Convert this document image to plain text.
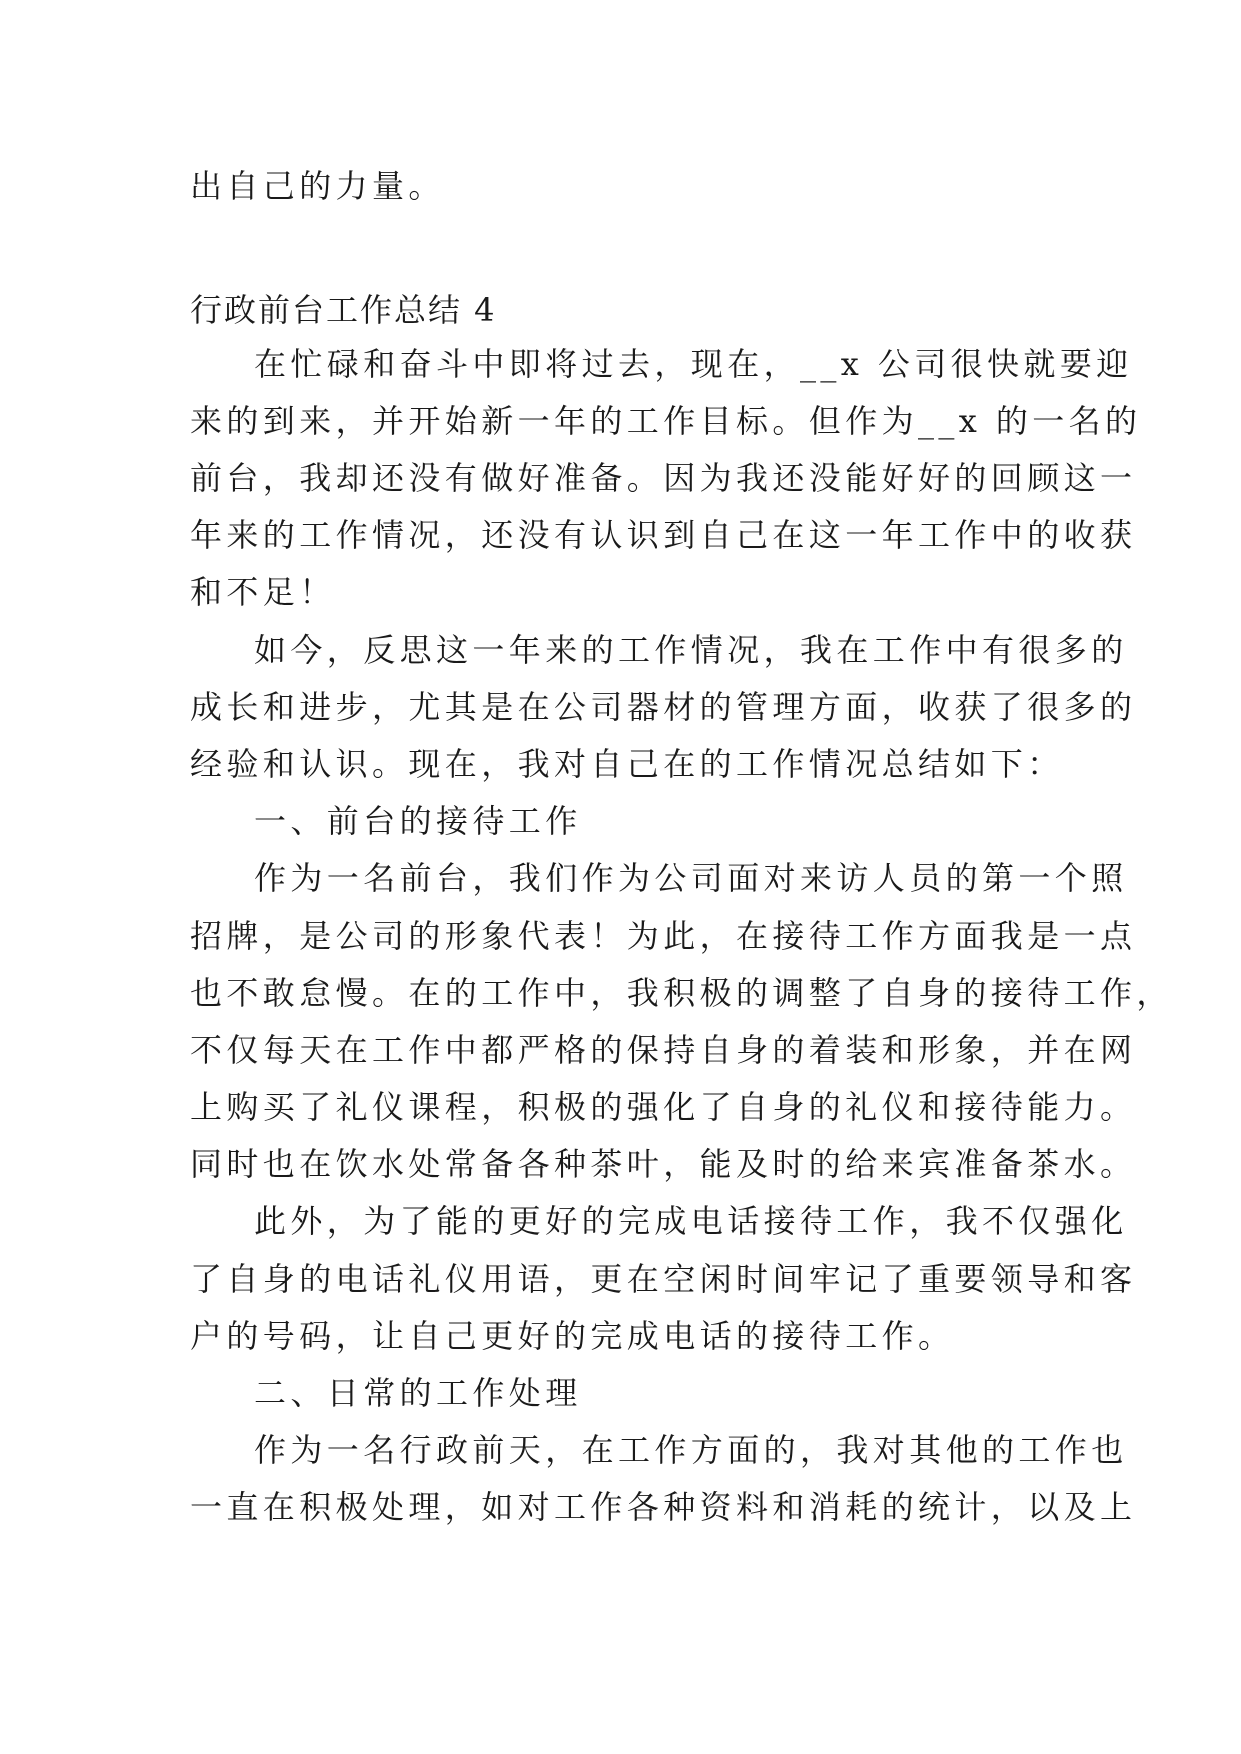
出自己的力量。
行政前台工作总结 4
在忙碌和奋斗中即将过去，现在，__x 公司很快就要迎
来的到来，并开始新一年的工作目标。但作为__x 的一名的
前台，我却还没有做好准备。因为我还没能好好的回顾这一
年来的工作情况，还没有认识到自己在这一年工作中的收获
和不足！
如今，反思这一年来的工作情况，我在工作中有很多的
成长和进步，尤其是在公司器材的管理方面，收获了很多的
经验和认识。现在，我对自己在的工作情况总结如下：
一、前台的接待工作
作为一名前台，我们作为公司面对来访人员的第一个照
招牌，是公司的形象代表！为此，在接待工作方面我是一点
也不敢怠慢。在的工作中，我积极的调整了自身的接待工作，
不仅每天在工作中都严格的保持自身的着装和形象，并在网
上购买了礼仪课程，积极的强化了自身的礼仪和接待能力。
同时也在饮水处常备各种茶叶，能及时的给来宾准备茶水。
此外，为了能的更好的完成电话接待工作，我不仅强化
了自身的电话礼仪用语，更在空闲时间牢记了重要领导和客
户的号码，让自己更好的完成电话的接待工作。
二、日常的工作处理
作为一名行政前天，在工作方面的，我对其他的工作也
一直在积极处理，如对工作各种资料和消耗的统计，以及上
